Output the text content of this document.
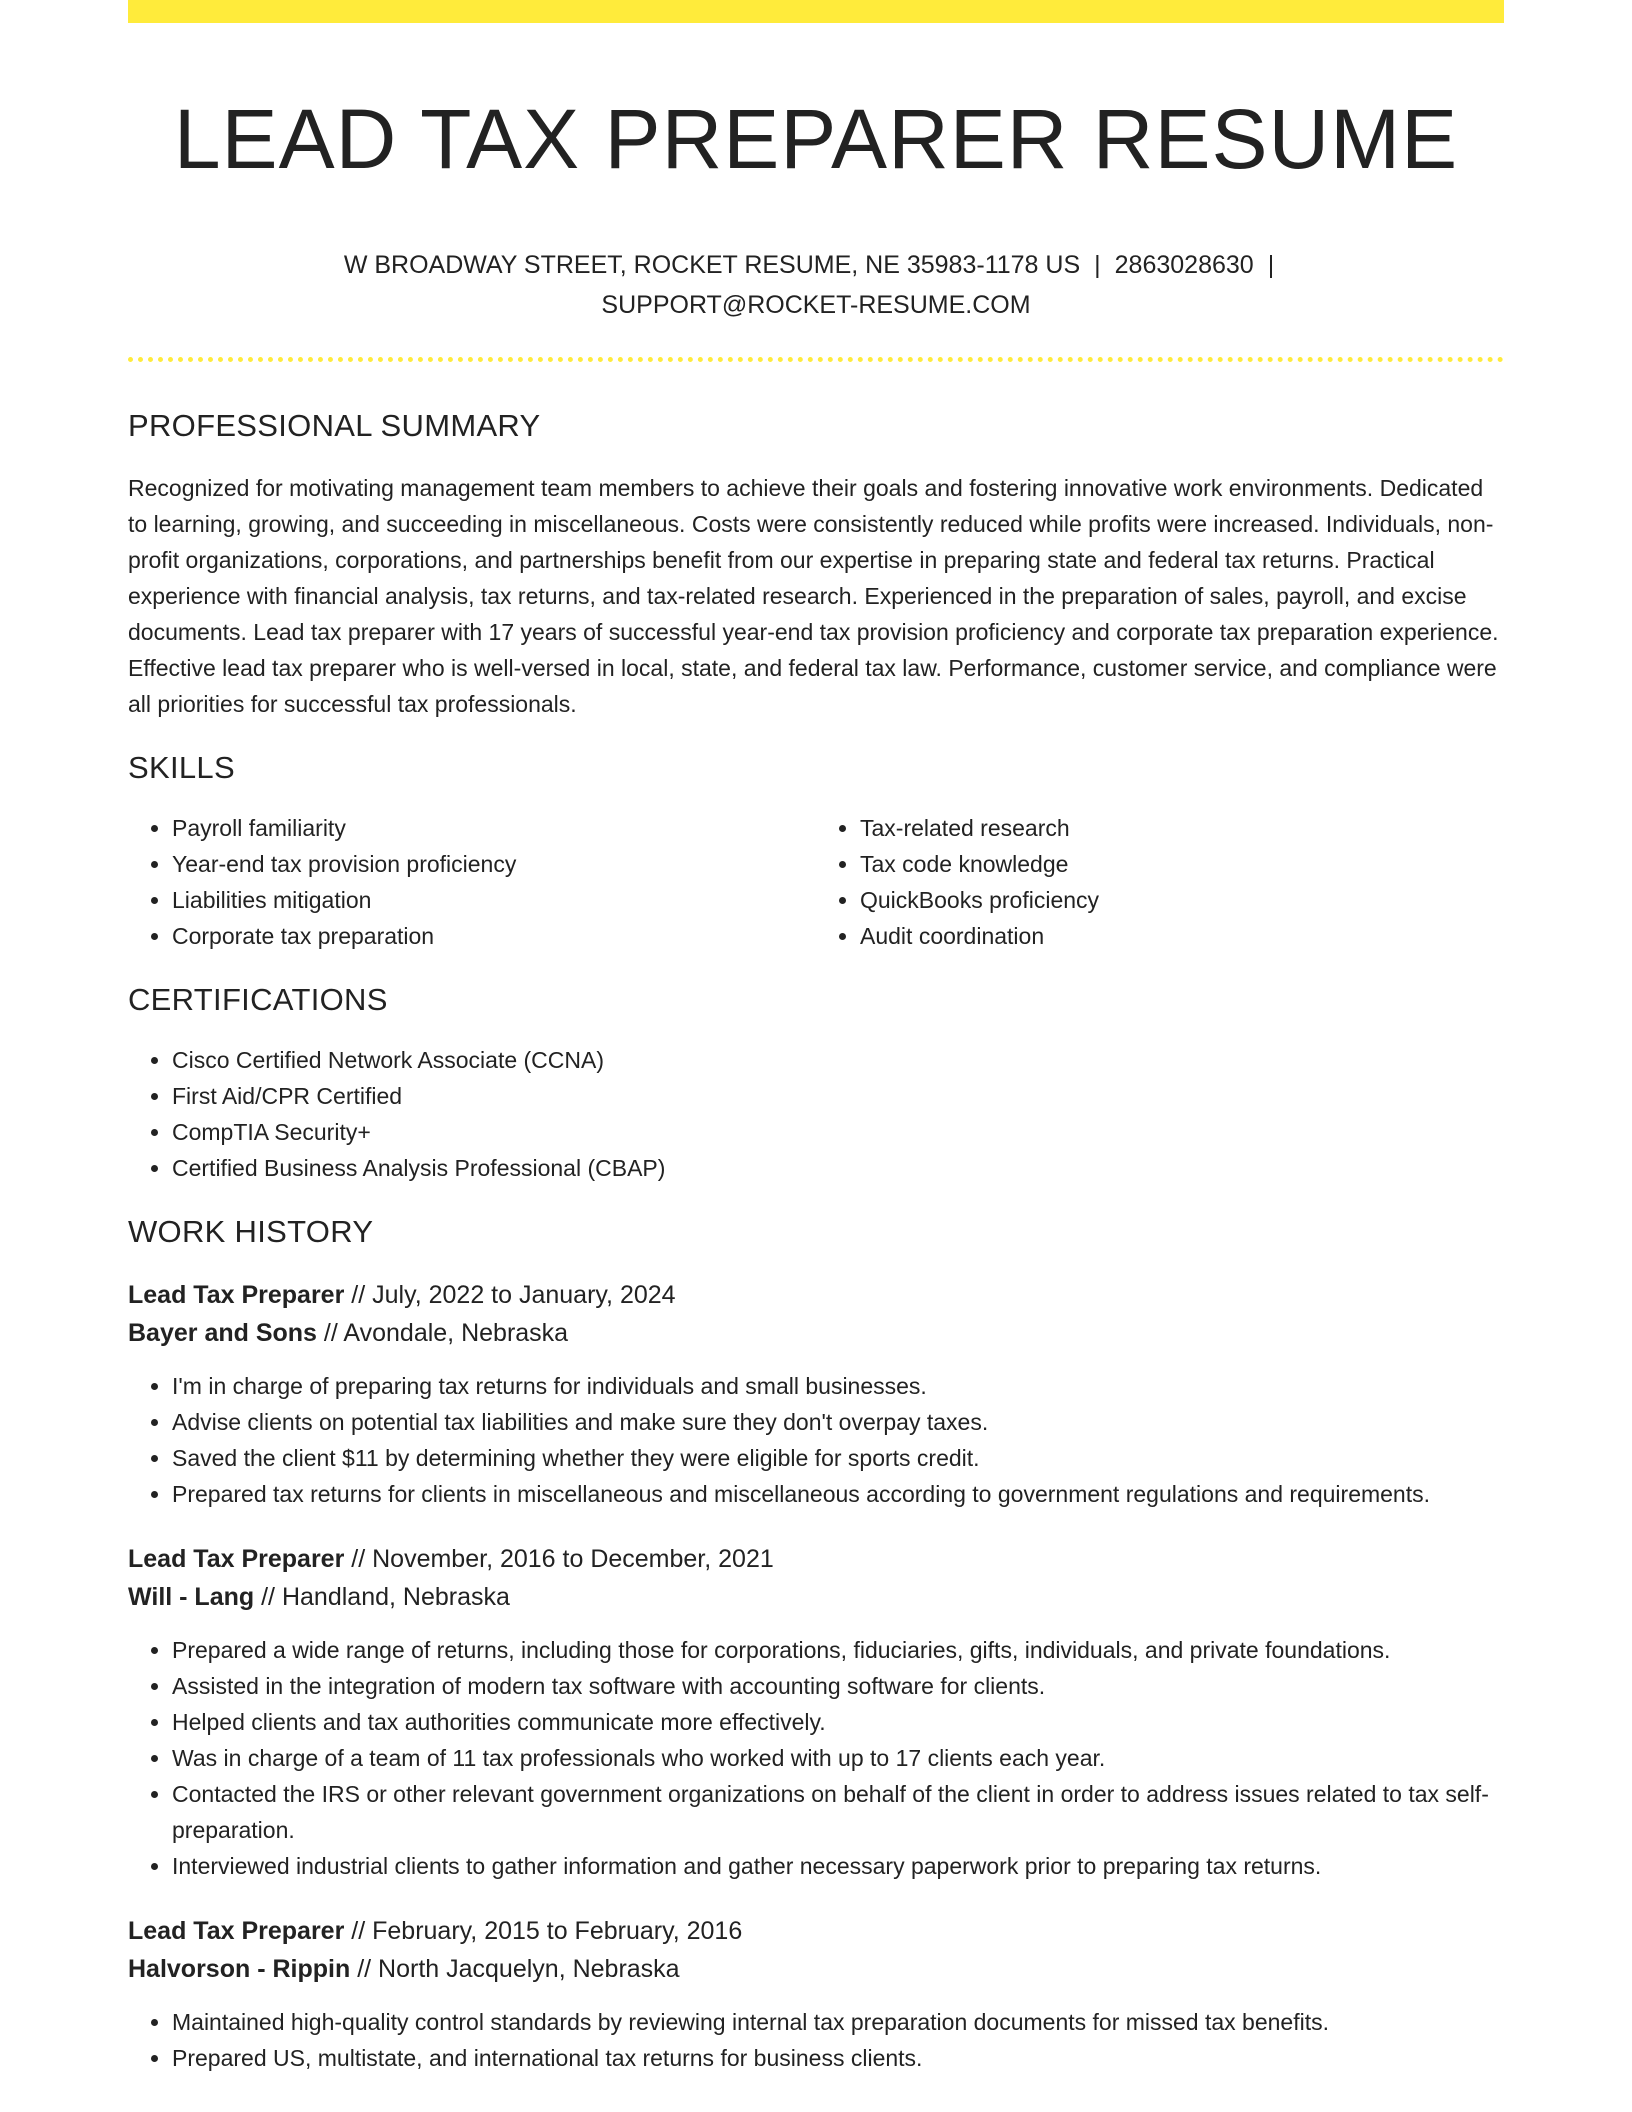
LEAD TAX PREPARER RESUME
W BROADWAY STREET, ROCKET RESUME, NE 35983-1178 US | 2863028630 |
SUPPORT@ROCKET-RESUME.COM
PROFESSIONAL SUMMARY

Recognized for motivating management team members to achieve their goals and fostering innovative work environments. Dedicated to learning, growing, and succeeding in miscellaneous. Costs were consistently reduced while profits were increased. Individuals, non-profit organizations, corporations, and partnerships benefit from our expertise in preparing state and federal tax returns. Practical experience with financial analysis, tax returns, and tax-related research. Experienced in the preparation of sales, payroll, and excise documents. Lead tax preparer with 17 years of successful year-end tax provision proficiency and corporate tax preparation experience. Effective lead tax preparer who is well-versed in local, state, and federal tax law. Performance, customer service, and compliance were all priorities for successful tax professionals.

SKILLS
• Payroll familiarity
• Year-end tax provision proficiency
• Liabilities mitigation
• Corporate tax preparation
• Tax-related research
• Tax code knowledge
• QuickBooks proficiency
• Audit coordination
CERTIFICATIONS
• Cisco Certified Network Associate (CCNA)
• First Aid/CPR Certified
• CompTIA Security+
• Certified Business Analysis Professional (CBAP)
WORK HISTORY
Lead Tax Preparer // July, 2022 to January, 2024
Bayer and Sons // Avondale, Nebraska
• I'm in charge of preparing tax returns for individuals and small businesses.
• Advise clients on potential tax liabilities and make sure they don't overpay taxes.
• Saved the client $11 by determining whether they were eligible for sports credit.
• Prepared tax returns for clients in miscellaneous and miscellaneous according to government regulations and requirements.
Lead Tax Preparer // November, 2016 to December, 2021
Will - Lang // Handland, Nebraska
• Prepared a wide range of returns, including those for corporations, fiduciaries, gifts, individuals, and private foundations.
• Assisted in the integration of modern tax software with accounting software for clients.
• Helped clients and tax authorities communicate more effectively.
• Was in charge of a team of 11 tax professionals who worked with up to 17 clients each year.
• Contacted the IRS or other relevant government organizations on behalf of the client in order to address issues related to tax self-preparation.
• Interviewed industrial clients to gather information and gather necessary paperwork prior to preparing tax returns.
Lead Tax Preparer // February, 2015 to February, 2016
Halvorson - Rippin // North Jacquelyn, Nebraska
• Maintained high-quality control standards by reviewing internal tax preparation documents for missed tax benefits.
• Prepared US, multistate, and international tax returns for business clients.
